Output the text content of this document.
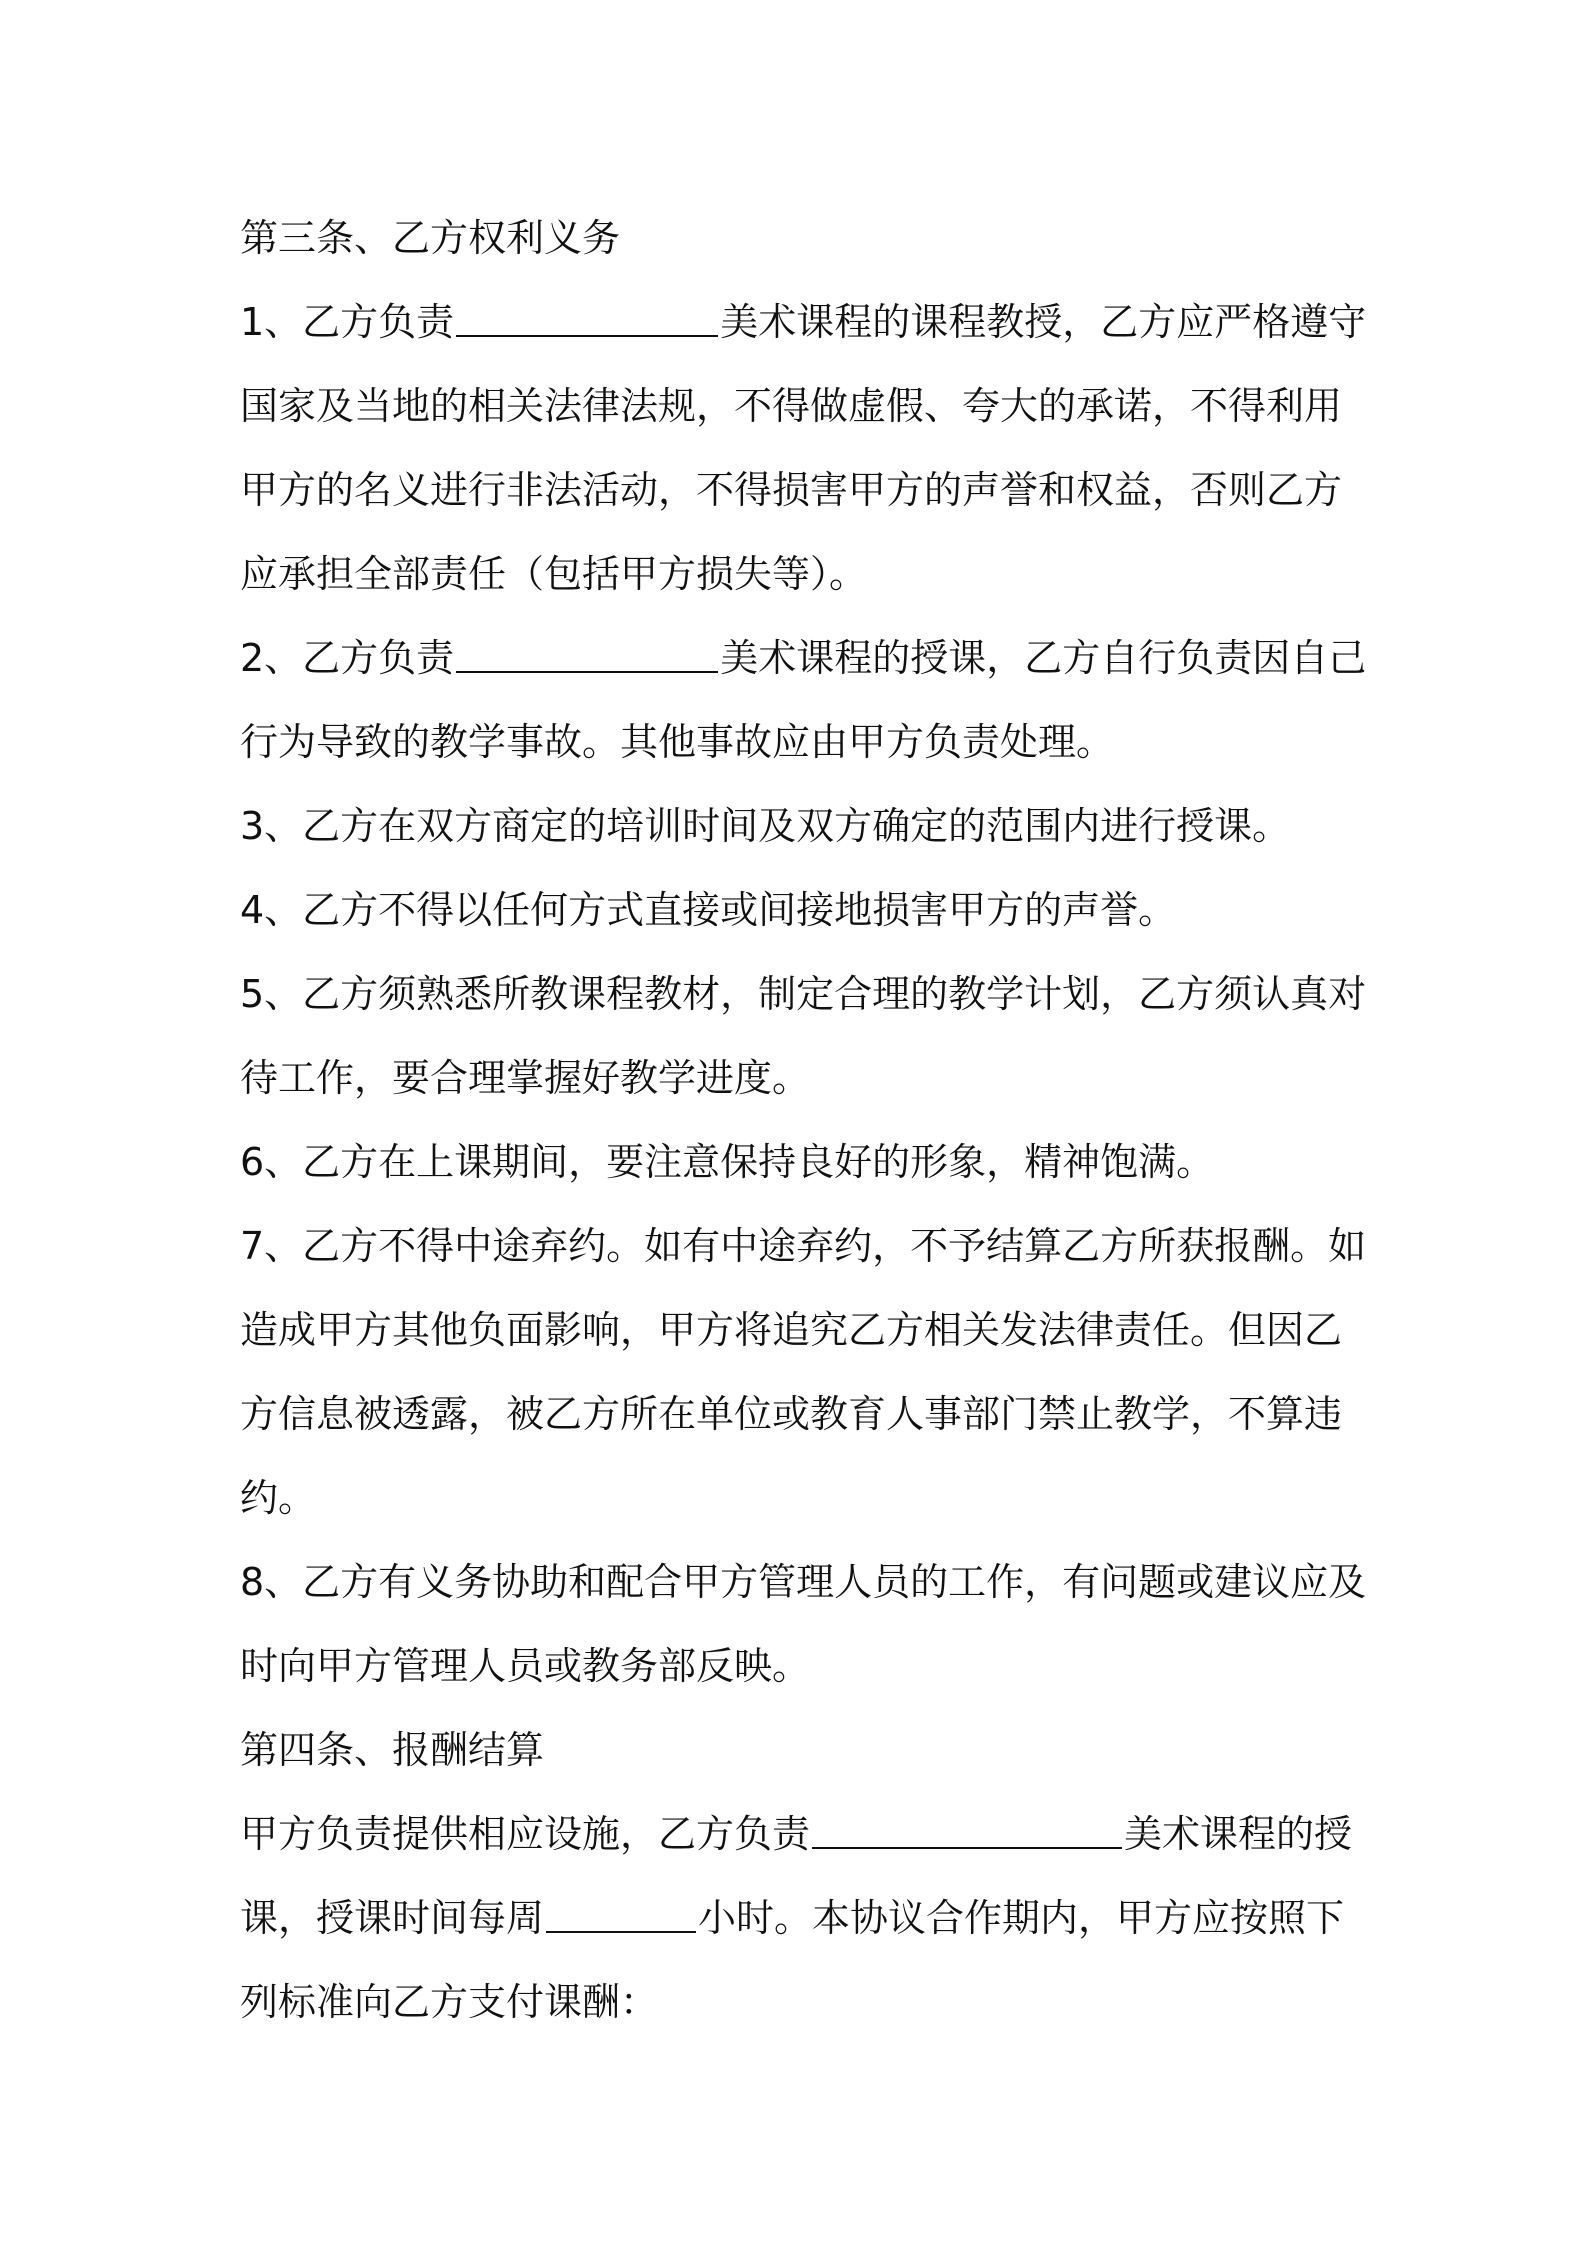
第三条、乙方权利义务

1、乙方负责	美术课程的课程教授，乙方应严格遵守国家及当地的相关法律法规，不得做虚假、夸大的承诺，不得利用甲方的名义进行非法活动，不得损害甲方的声誉和权益，否则乙方应承担全部责任（包括甲方损失等）。

2、乙方负责	美术课程的授课，乙方自行负责因自己行为导致的教学事故。其他事故应由甲方负责处理。

3、乙方在双方商定的培训时间及双方确定的范围内进行授课。

4、乙方不得以任何方式直接或间接地损害甲方的声誉。

5、乙方须熟悉所教课程教材，制定合理的教学计划，乙方须认真对待工作，要合理掌握好教学进度。

6、乙方在上课期间，要注意保持良好的形象，精神饱满。

7、乙方不得中途弃约。如有中途弃约，不予结算乙方所获报酬。如造成甲方其他负面影响，甲方将追究乙方相关发法律责任。但因乙方信息被透露，被乙方所在单位或教育人事部门禁止教学，不算违约。

8、乙方有义务协助和配合甲方管理人员的工作，有问题或建议应及时向甲方管理人员或教务部反映。

第四条、报酬结算

甲方负责提供相应设施，乙方负责	美术课程的授课，授课时间每周	小时。本协议合作期内，甲方应按照下列标准向乙方支付课酬：
